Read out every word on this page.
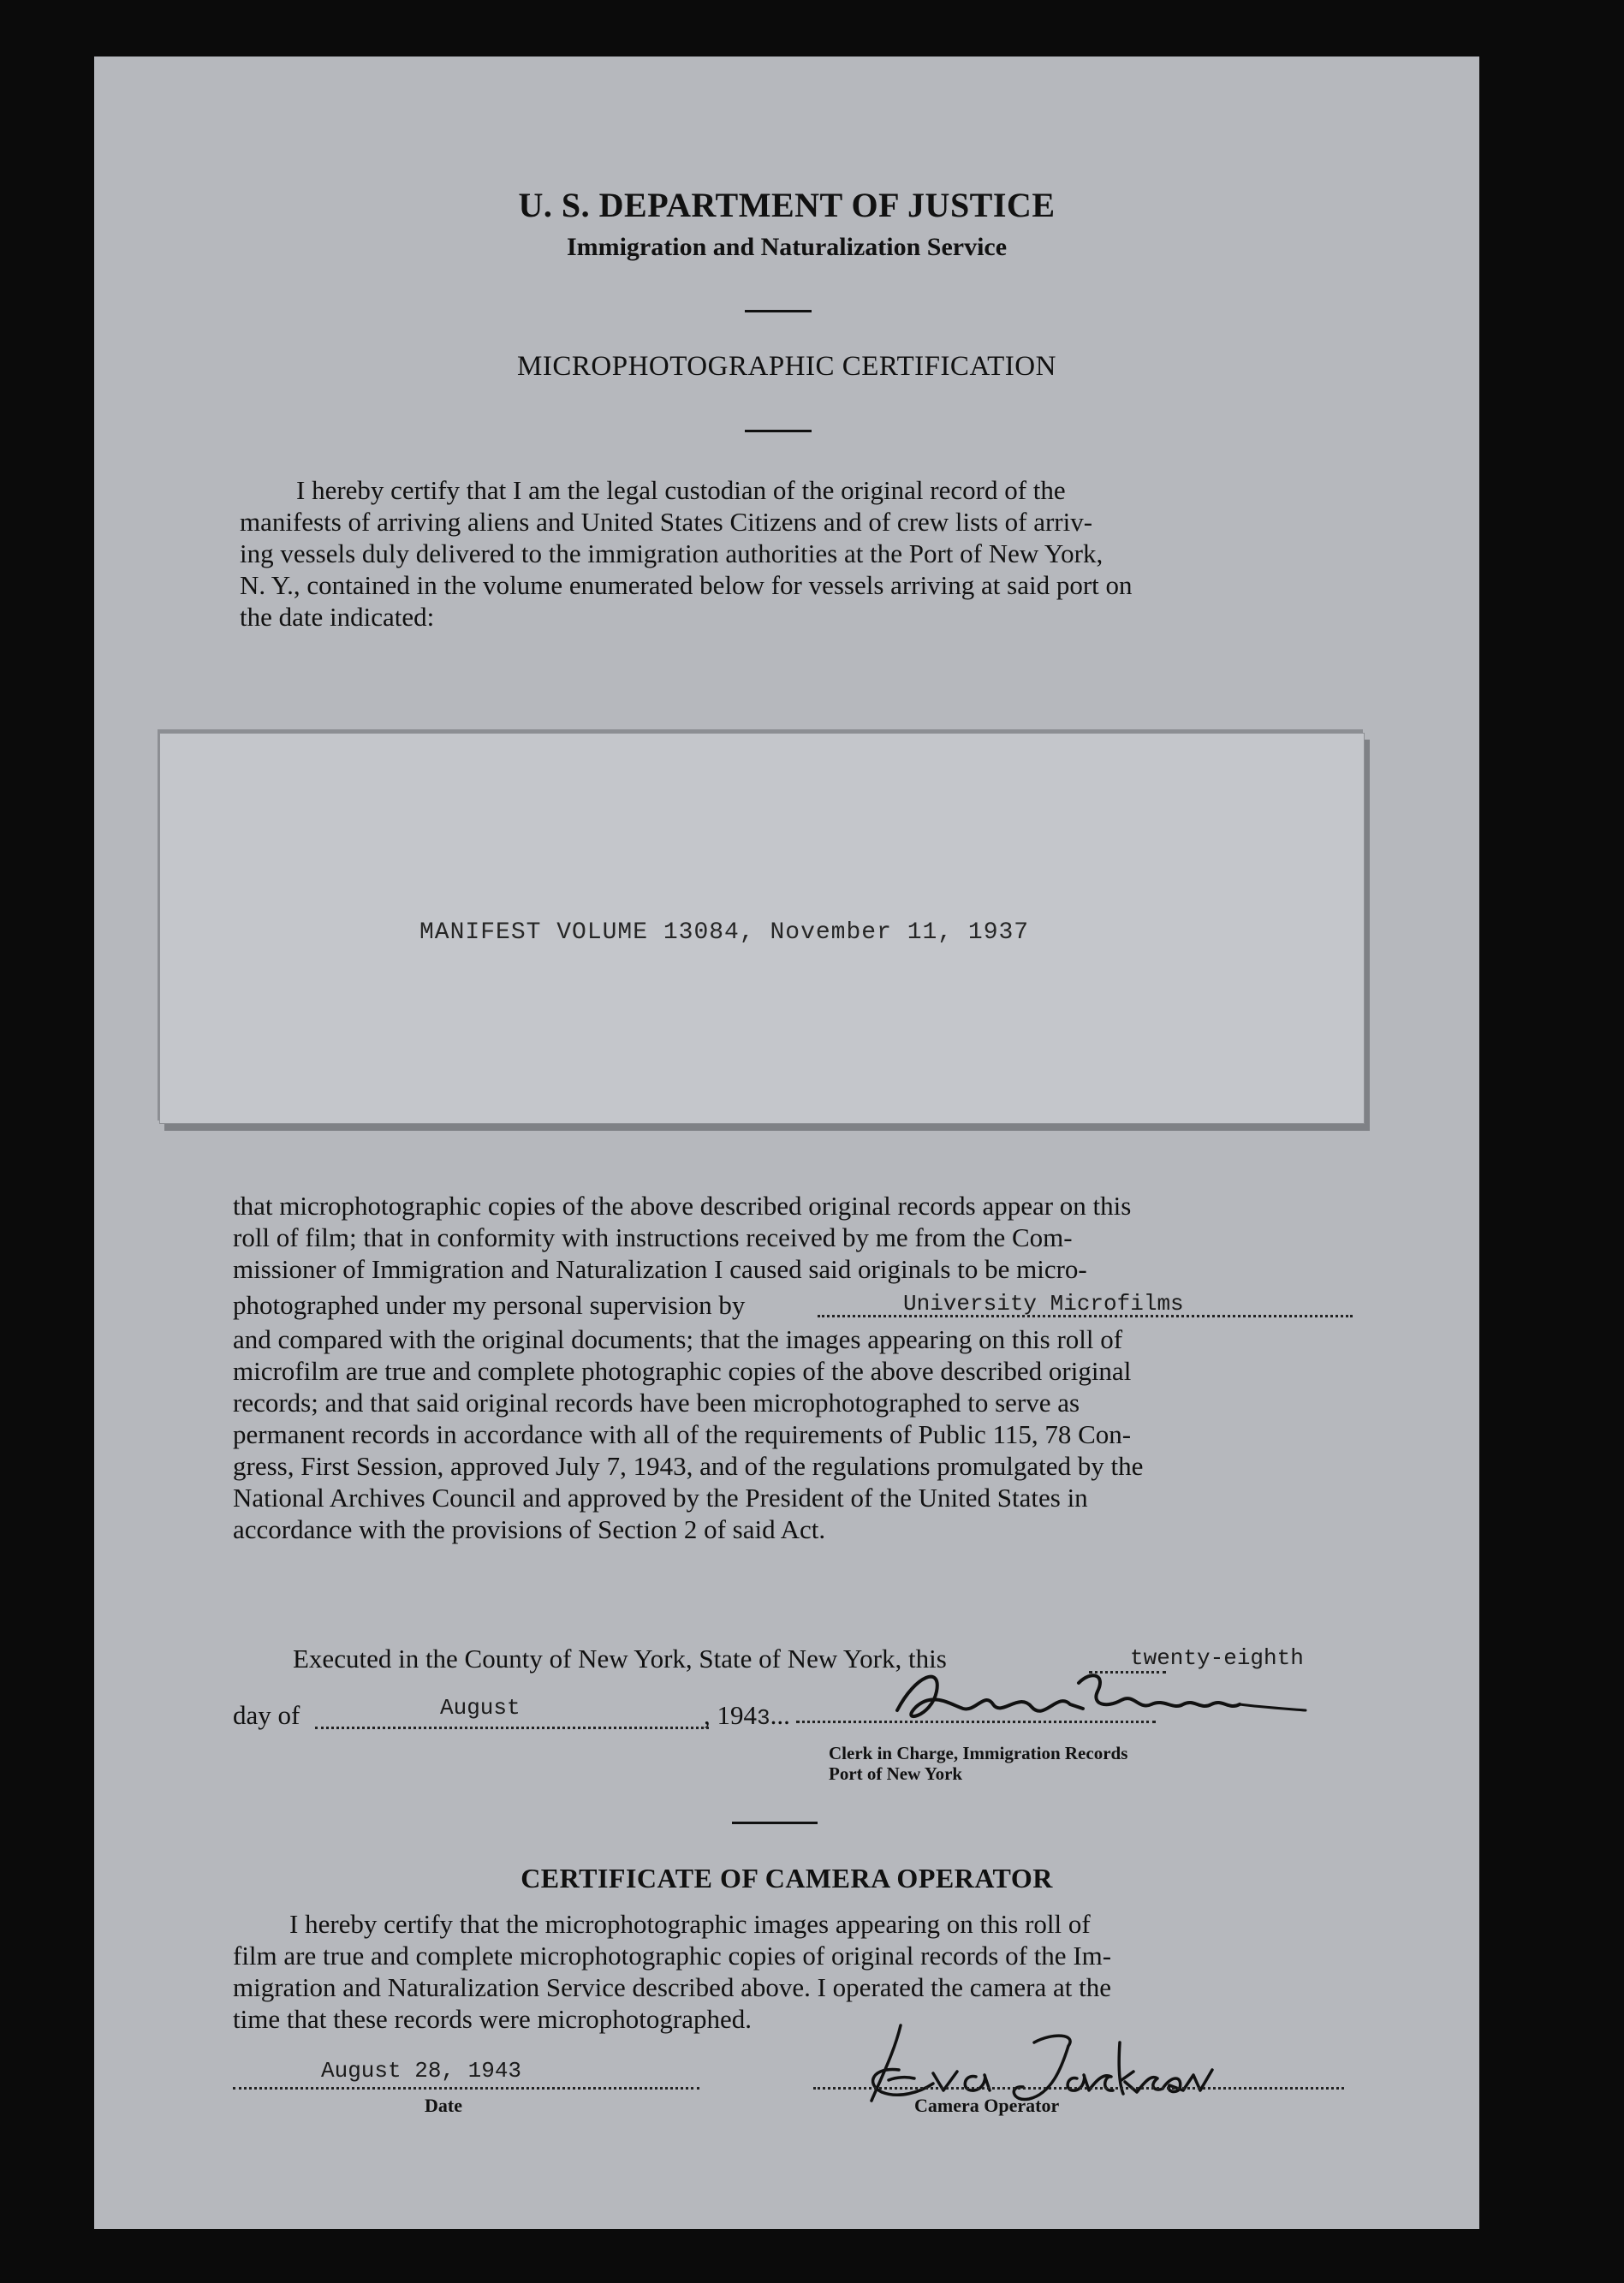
U. S. DEPARTMENT OF JUSTICE
Immigration and Naturalization Service
MICROPHOTOGRAPHIC CERTIFICATION

I hereby certify that I am the legal custodian of the original record of the

manifests of arriving aliens and United States Citizens and of crew lists of arriv-

ing vessels duly delivered to the immigration authorities at the Port of New York,

N. Y., contained in the volume enumerated below for vessels arriving at said port on

the date indicated:

MANIFEST VOLUME 13084, November 11, 1937

that microphotographic copies of the above described original records appear on this

roll of film; that in conformity with instructions received by me from the Com-

missioner of Immigration and Naturalization I caused said originals to be micro-

photographed under my personal supervision by	University Microfilms

and compared with the original documents; that the images appearing on this roll of

microfilm are true and complete photographic copies of the above described original

records; and that said original records have been microphotographed to serve as

permanent records in accordance with all of the requirements of Public 115, 78 Con-

gress, First Session, approved July 7, 1943, and of the regulations promulgated by the

National Archives Council and approved by the President of the United States in

accordance with the provisions of Section 2 of said Act.

Executed in the County of New York, State of New York, this	twenty-eighth
day of	August	, 1943...
Clerk in Charge, Immigration Records
Port of New York
CERTIFICATE OF CAMERA OPERATOR

I hereby certify that the microphotographic images appearing on this roll of

film are true and complete microphotographic copies of original records of the Im-

migration and Naturalization Service described above. I operated the camera at the

time that these records were microphotographed.

August 28, 1943
Date	Camera Operator
